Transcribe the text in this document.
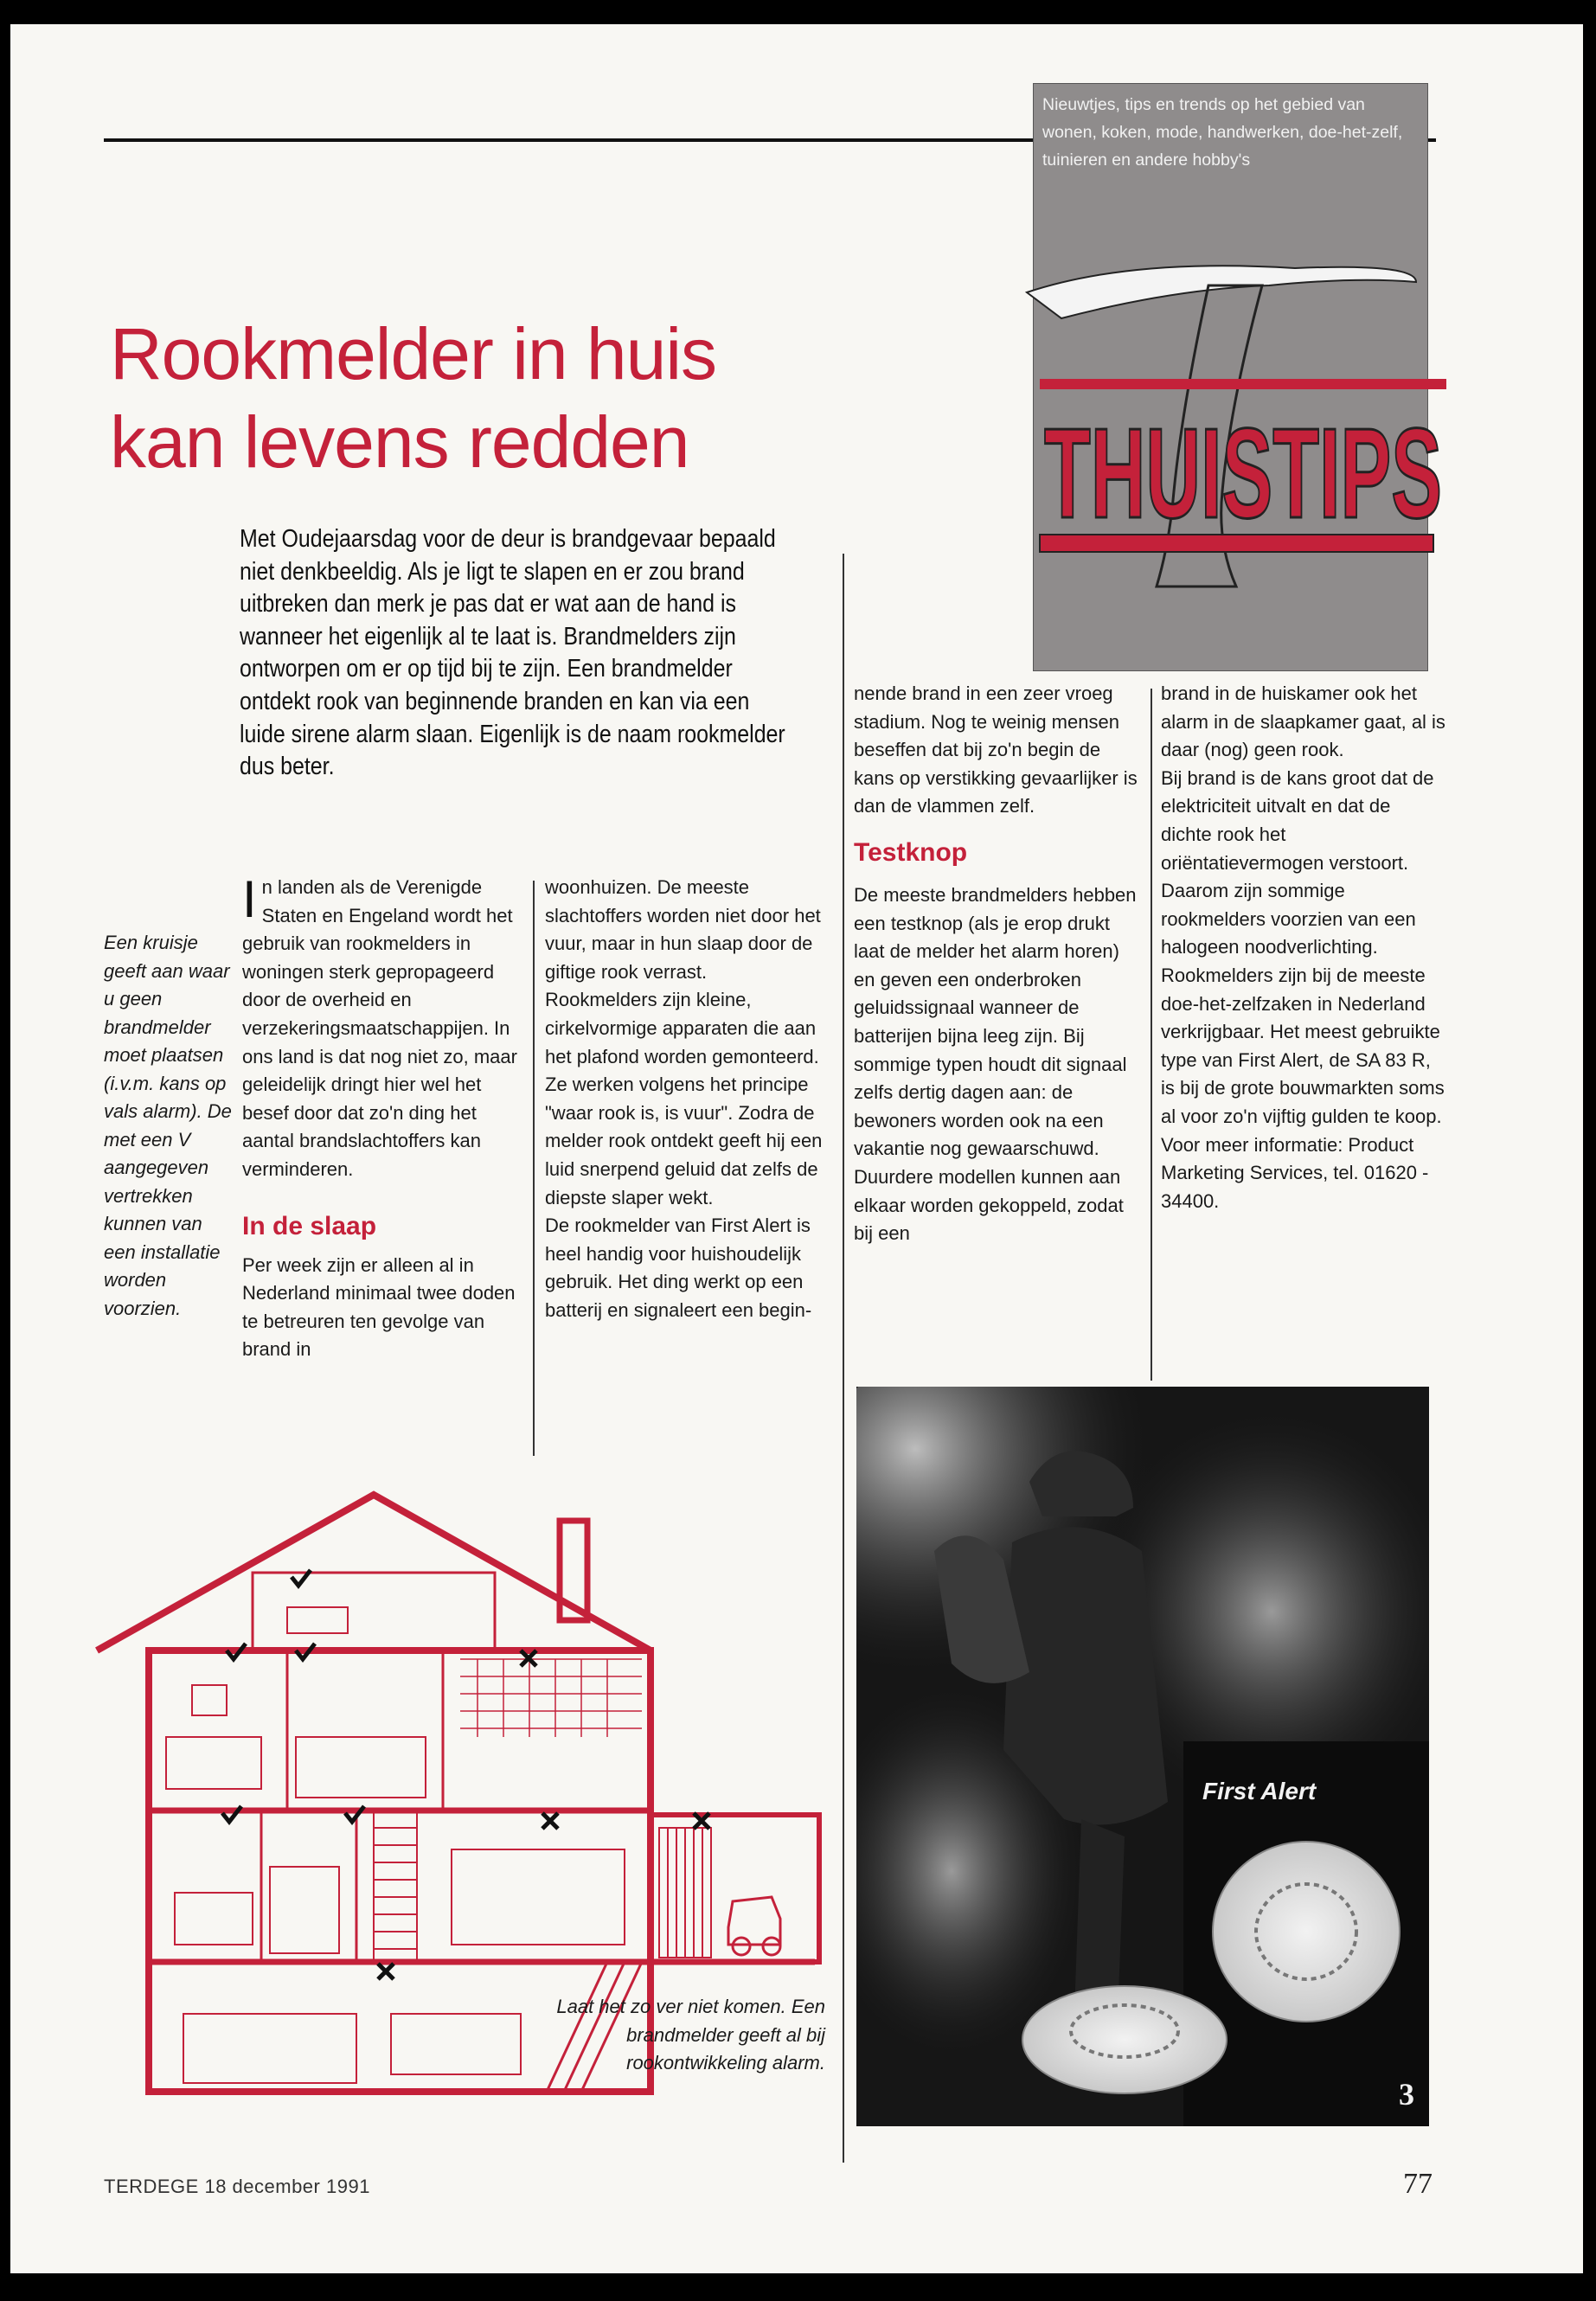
Nieuwtjes, tips en trends op het gebied van wonen, koken, mode, handwerken, doe-het-zelf, tuinieren en andere hobby's
T
THUISTIPS
Rookmelder in huis
kan levens redden

Met Oudejaarsdag voor de deur is brandgevaar bepaald niet denkbeeldig. Als je ligt te slapen en er zou brand uitbreken dan merk je pas dat er wat aan de hand is wanneer het eigenlijk al te laat is. Brandmelders zijn ontworpen om er op tijd bij te zijn. Een brandmelder ontdekt rook van beginnende branden en kan via een luide sirene alarm slaan. Eigenlijk is de naam rookmelder dus beter.

Een kruisje geeft aan waar u geen brandmelder moet plaatsen (i.v.m. kans op vals alarm). De met een V aangegeven vertrekken kunnen van een installatie worden voorzien.

In landen als de Verenigde Staten en Engeland wordt het gebruik van rookmelders in woningen sterk gepropageerd door de overheid en verzekeringsmaatschappijen. In ons land is dat nog niet zo, maar geleidelijk dringt hier wel het besef door dat zo'n ding het aantal brandslachtoffers kan verminderen.

In de slaap

Per week zijn er alleen al in Nederland minimaal twee doden te betreuren ten gevolge van brand in

woonhuizen. De meeste slachtoffers worden niet door het vuur, maar in hun slaap door de giftige rook verrast.

Rookmelders zijn kleine, cirkelvormige apparaten die aan het plafond worden gemonteerd. Ze werken volgens het principe "waar rook is, is vuur". Zodra de melder rook ontdekt geeft hij een luid snerpend geluid dat zelfs de diepste slaper wekt.

De rookmelder van First Alert is heel handig voor huishoudelijk gebruik. Het ding werkt op een batterij en signaleert een begin-

nende brand in een zeer vroeg stadium. Nog te weinig mensen beseffen dat bij zo'n begin de kans op verstikking gevaarlijker is dan de vlammen zelf.

Testknop

De meeste brandmelders hebben een testknop (als je erop drukt laat de melder het alarm horen) en geven een onderbroken geluidssignaal wanneer de batterijen bijna leeg zijn. Bij sommige typen houdt dit signaal zelfs dertig dagen aan: de bewoners worden ook na een vakantie nog gewaarschuwd.

Duurdere modellen kunnen aan elkaar worden gekoppeld, zodat bij een

brand in de huiskamer ook het alarm in de slaapkamer gaat, al is daar (nog) geen rook.

Bij brand is de kans groot dat de elektriciteit uitvalt en dat de dichte rook het oriëntatievermogen verstoort. Daarom zijn sommige rookmelders voorzien van een halogeen noodverlichting.

Rookmelders zijn bij de meeste doe-het-zelfzaken in Nederland verkrijgbaar. Het meest gebruikte type van First Alert, de SA 83 R, is bij de grote bouwmarkten soms al voor zo'n vijftig gulden te koop.

Voor meer informatie: Product Marketing Services, tel. 01620 - 34400.

Laat het zo ver niet komen. Een brandmelder geeft al bij rookontwikkeling alarm.
First Alert
3
TERDEGE 18 december 1991	77
